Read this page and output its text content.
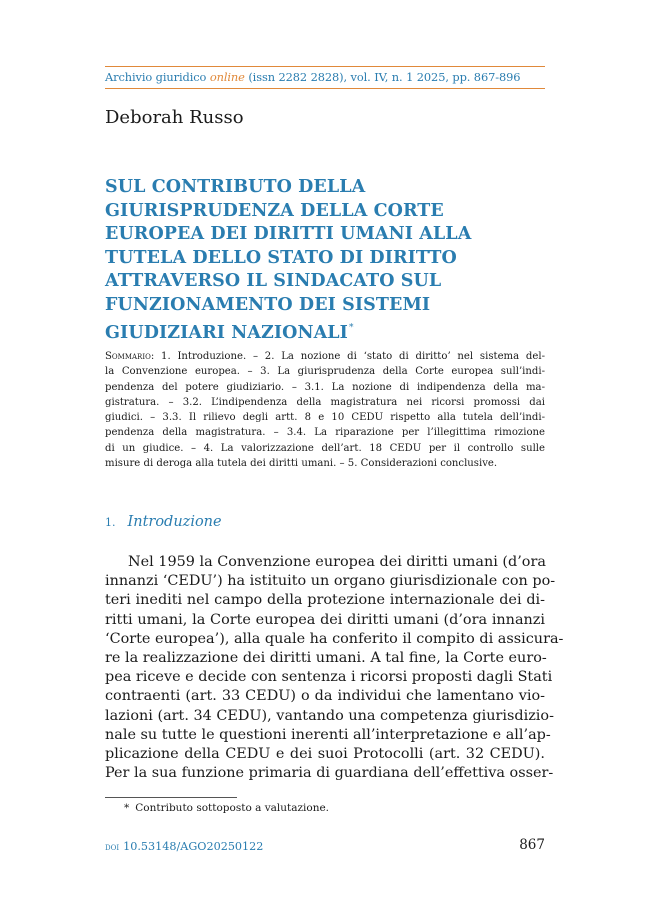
Archivio giuridico online (issn 2282 2828), vol. IV, n. 1 2025, pp. 867-896
Deborah Russo
SUL CONTRIBUTO DELLA
GIURISPRUDENZA DELLA CORTE
EUROPEA DEI DIRITTI UMANI ALLA
TUTELA DELLO STATO DI DIRITTO
ATTRAVERSO IL SINDACATO SUL
FUNZIONAMENTO DEI SISTEMI
GIUDIZIARI NAZIONALI*
Sommario: 1. Introduzione. – 2. La nozione di ‘stato di diritto’ nel sistema del-
la Convenzione europea. – 3. La giurisprudenza della Corte europea sull’indi-
pendenza del potere giudiziario. – 3.1. La nozione di indipendenza della ma-
gistratura. – 3.2. L’indipendenza della magistratura nei ricorsi promossi dai
giudici. – 3.3. Il rilievo degli artt. 8 e 10 CEDU rispetto alla tutela dell’indi-
pendenza della magistratura. – 3.4. La riparazione per l’illegittima rimozione
di un giudice. – 4. La valorizzazione dell’art. 18 CEDU per il controllo sulle
misure di deroga alla tutela dei diritti umani. – 5. Considerazioni conclusive.
1. Introduzione
Nel 1959 la Convenzione europea dei diritti umani (d’ora
innanzi ‘CEDU’) ha istituito un organo giurisdizionale con po-
teri inediti nel campo della protezione internazionale dei di-
ritti umani, la Corte europea dei diritti umani (d’ora innanzi
‘Corte europea’), alla quale ha conferito il compito di assicura-
re la realizzazione dei diritti umani. A tal fine, la Corte euro-
pea riceve e decide con sentenza i ricorsi proposti dagli Stati
contraenti (art. 33 CEDU) o da individui che lamentano vio-
lazioni (art. 34 CEDU), vantando una competenza giurisdizio-
nale su tutte le questioni inerenti all’interpretazione e all’ap-
plicazione della CEDU e dei suoi Protocolli (art. 32 CEDU).
Per la sua funzione primaria di guardiana dell’effettiva osser-
* Contributo sottoposto a valutazione.
doi 10.53148/AGO20250122	867
